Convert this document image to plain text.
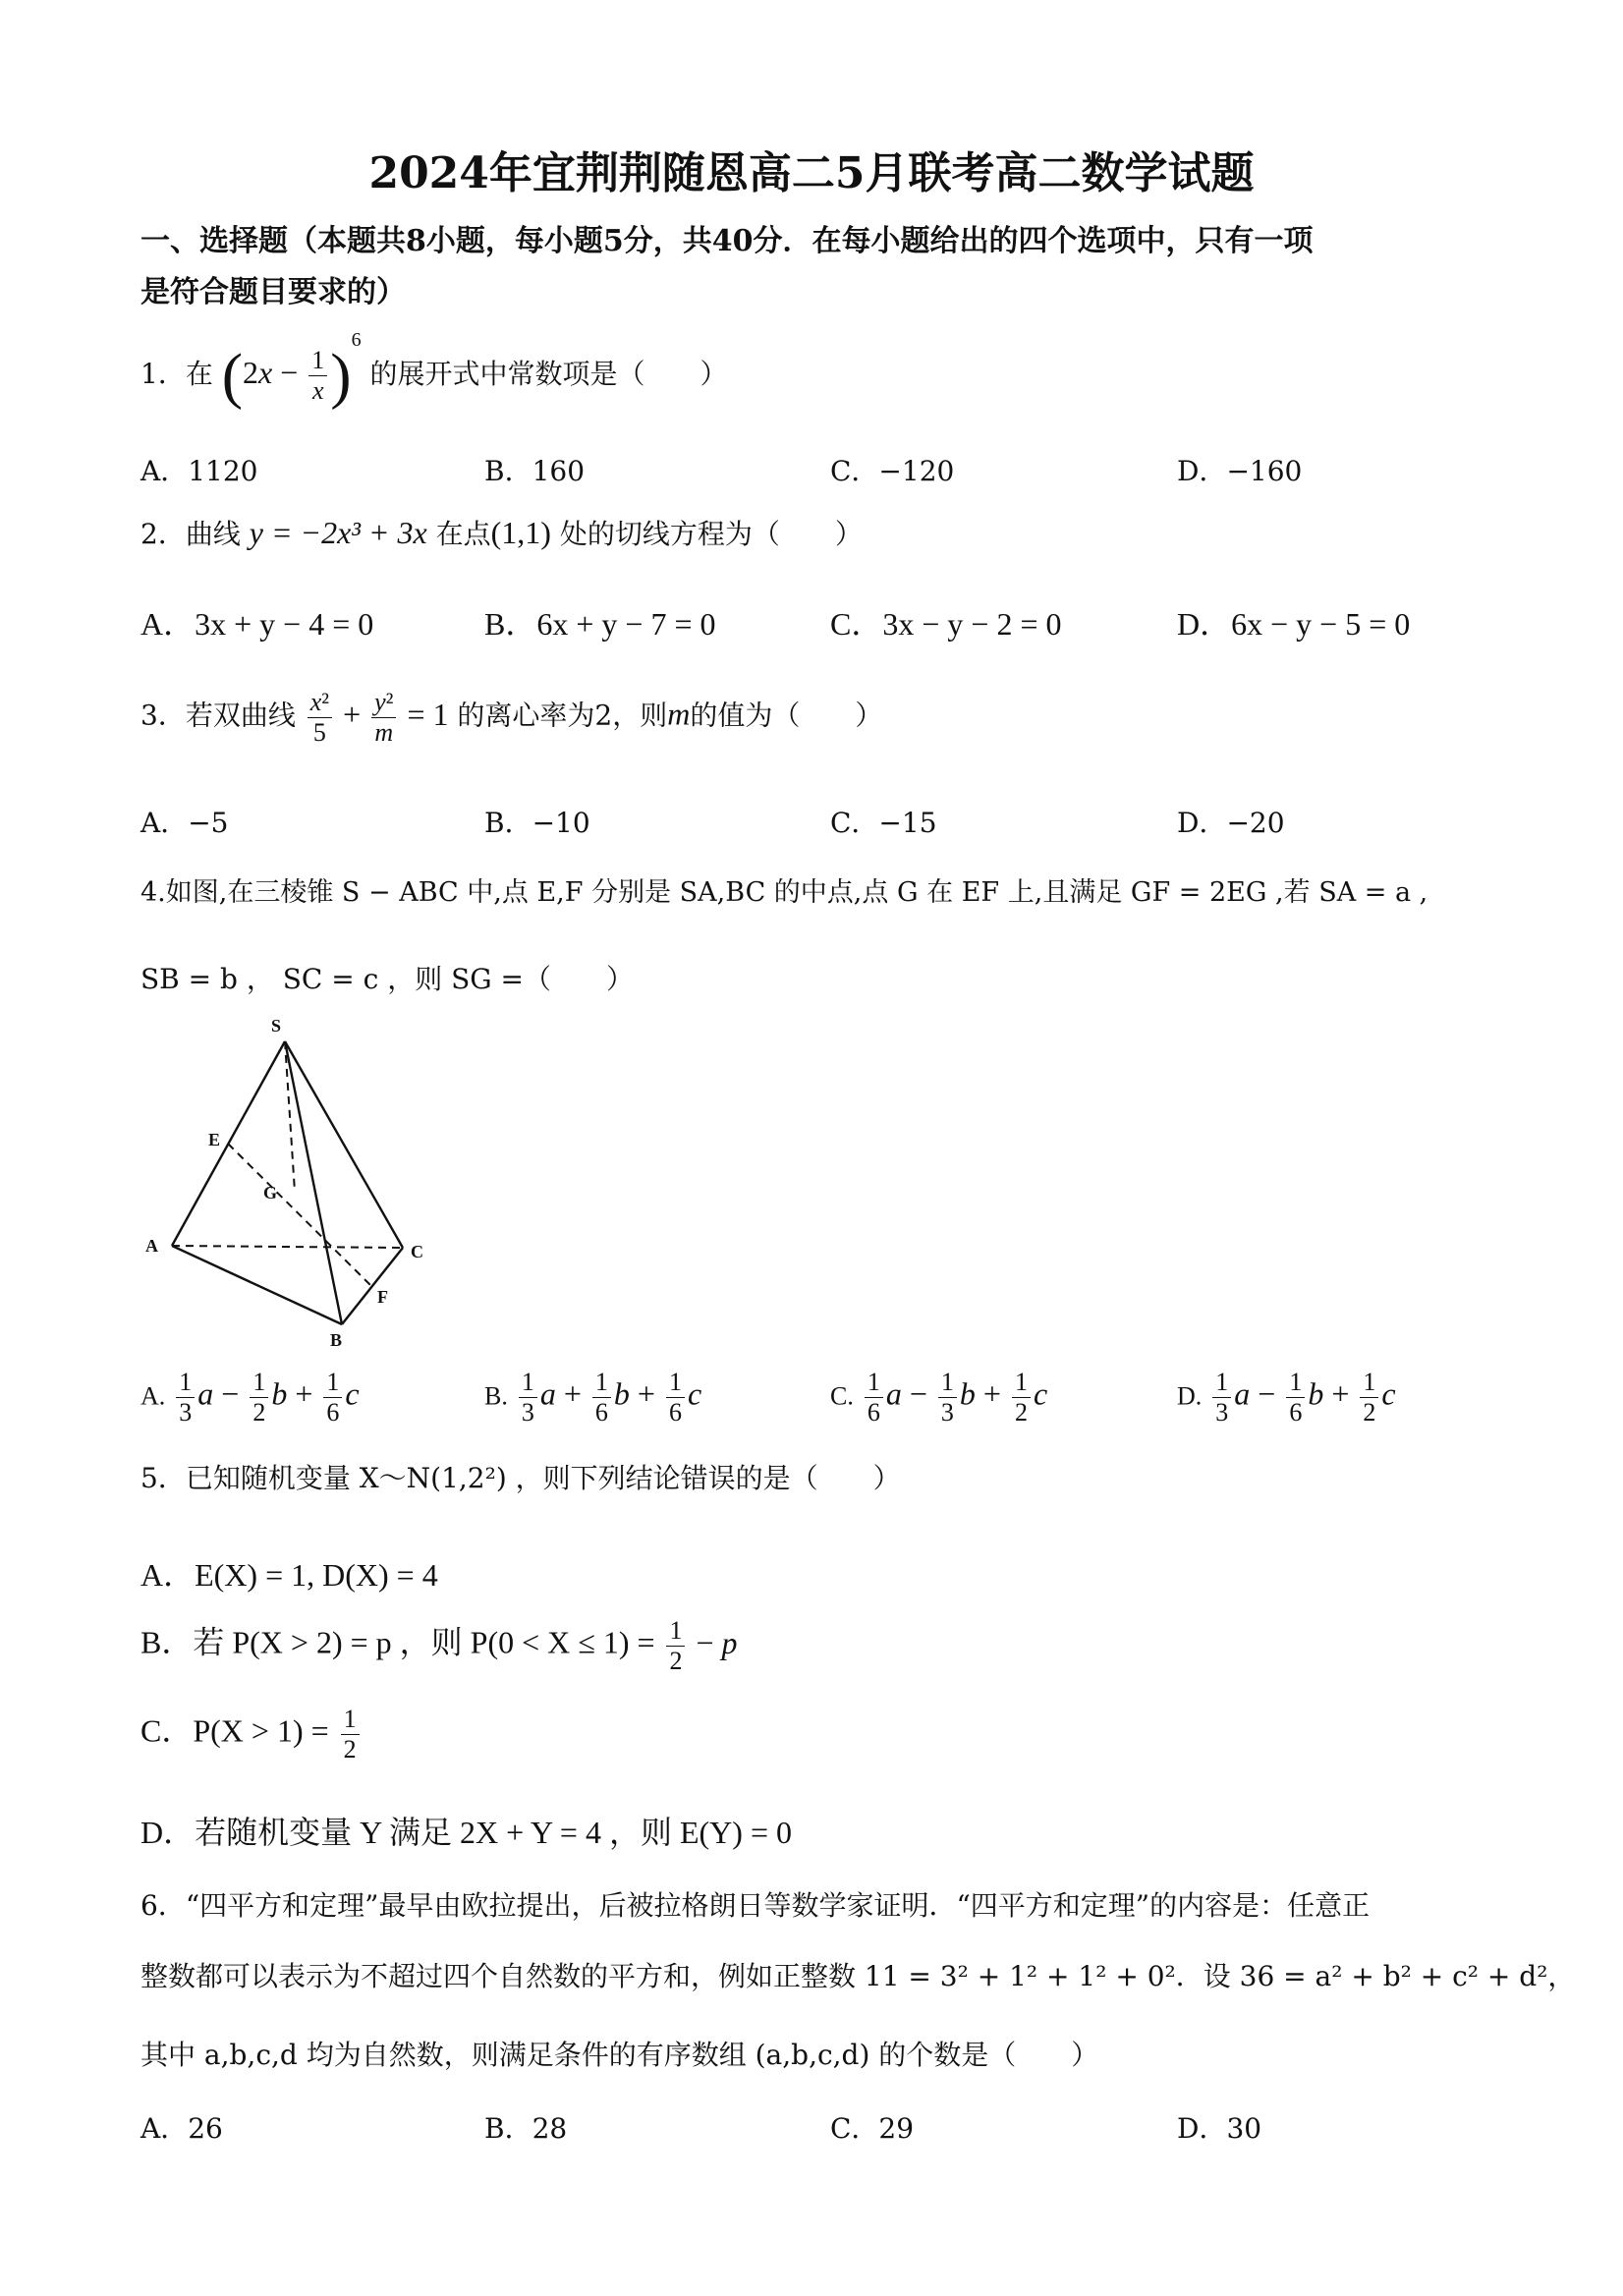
2024年宜荆荆随恩高二5月联考高二数学试题
一、选择题（本题共8小题，每小题5分，共40分．在每小题给出的四个选项中，只有一项
是符合题目要求的）
1．在 $(2x - \frac{1}{x} )^6$ 的展开式中常数项是（　　）
A．1120	B．160	C．−120	D．−160
2．曲线 y = −2x³ + 3x 在点(1,1) 处的切线方程为（　　）
A．3x + y − 4 = 0	B．6x + y − 7 = 0	C．3x − y − 2 = 0	D．6x − y − 5 = 0
3．若双曲线 $\frac{\text{x²}}{5} + \frac{\text{y²}}{m} = 1$ 的离心率为2，则m的值为（　　）
A．−5	B．−10	C．−15	D．−20
4.如图,在三棱锥 S − ABC 中,点 E,F 分别是 SA,BC 的中点,点 G 在 EF 上,且满足 GF = 2EG ,若 SA = a ,
SB = b ， SC = c ，则 SG =（　　）
S
E
G
A	C
F
B
A. $\frac{1}{3}$ $a - \frac{1}{2}$ $b + \frac{1}{6}$ c	B. $\frac{1}{3}$ $a + \frac{1}{6}$ $b + \frac{1}{6}$ c	C. $\frac{1}{6}$ $a - \frac{1}{3}$ $b + \frac{1}{2}$ c	D. $\frac{1}{3}$ $a - \frac{1}{6}$ $b + \frac{1}{2}$ c
5．已知随机变量 X～N(1,2²) ，则下列结论错误的是（　　）
A．E(X) = 1, D(X) = 4
B．若 P(X > 2) = p ，则 $P(0 < X \le 1) = \frac{1}{2} - p$
C．$P(X > 1) = \frac{1}{2}$
D．若随机变量 Y 满足 2X + Y = 4 ，则 E(Y) = 0
6．“四平方和定理”最早由欧拉提出，后被拉格朗日等数学家证明．“四平方和定理”的内容是：任意正
整数都可以表示为不超过四个自然数的平方和，例如正整数 11 = 3² + 1² + 1² + 0²．设 36 = a² + b² + c² + d²，
其中 a,b,c,d 均为自然数，则满足条件的有序数组 (a,b,c,d) 的个数是（　　）
A．26	B．28	C．29	D．30
